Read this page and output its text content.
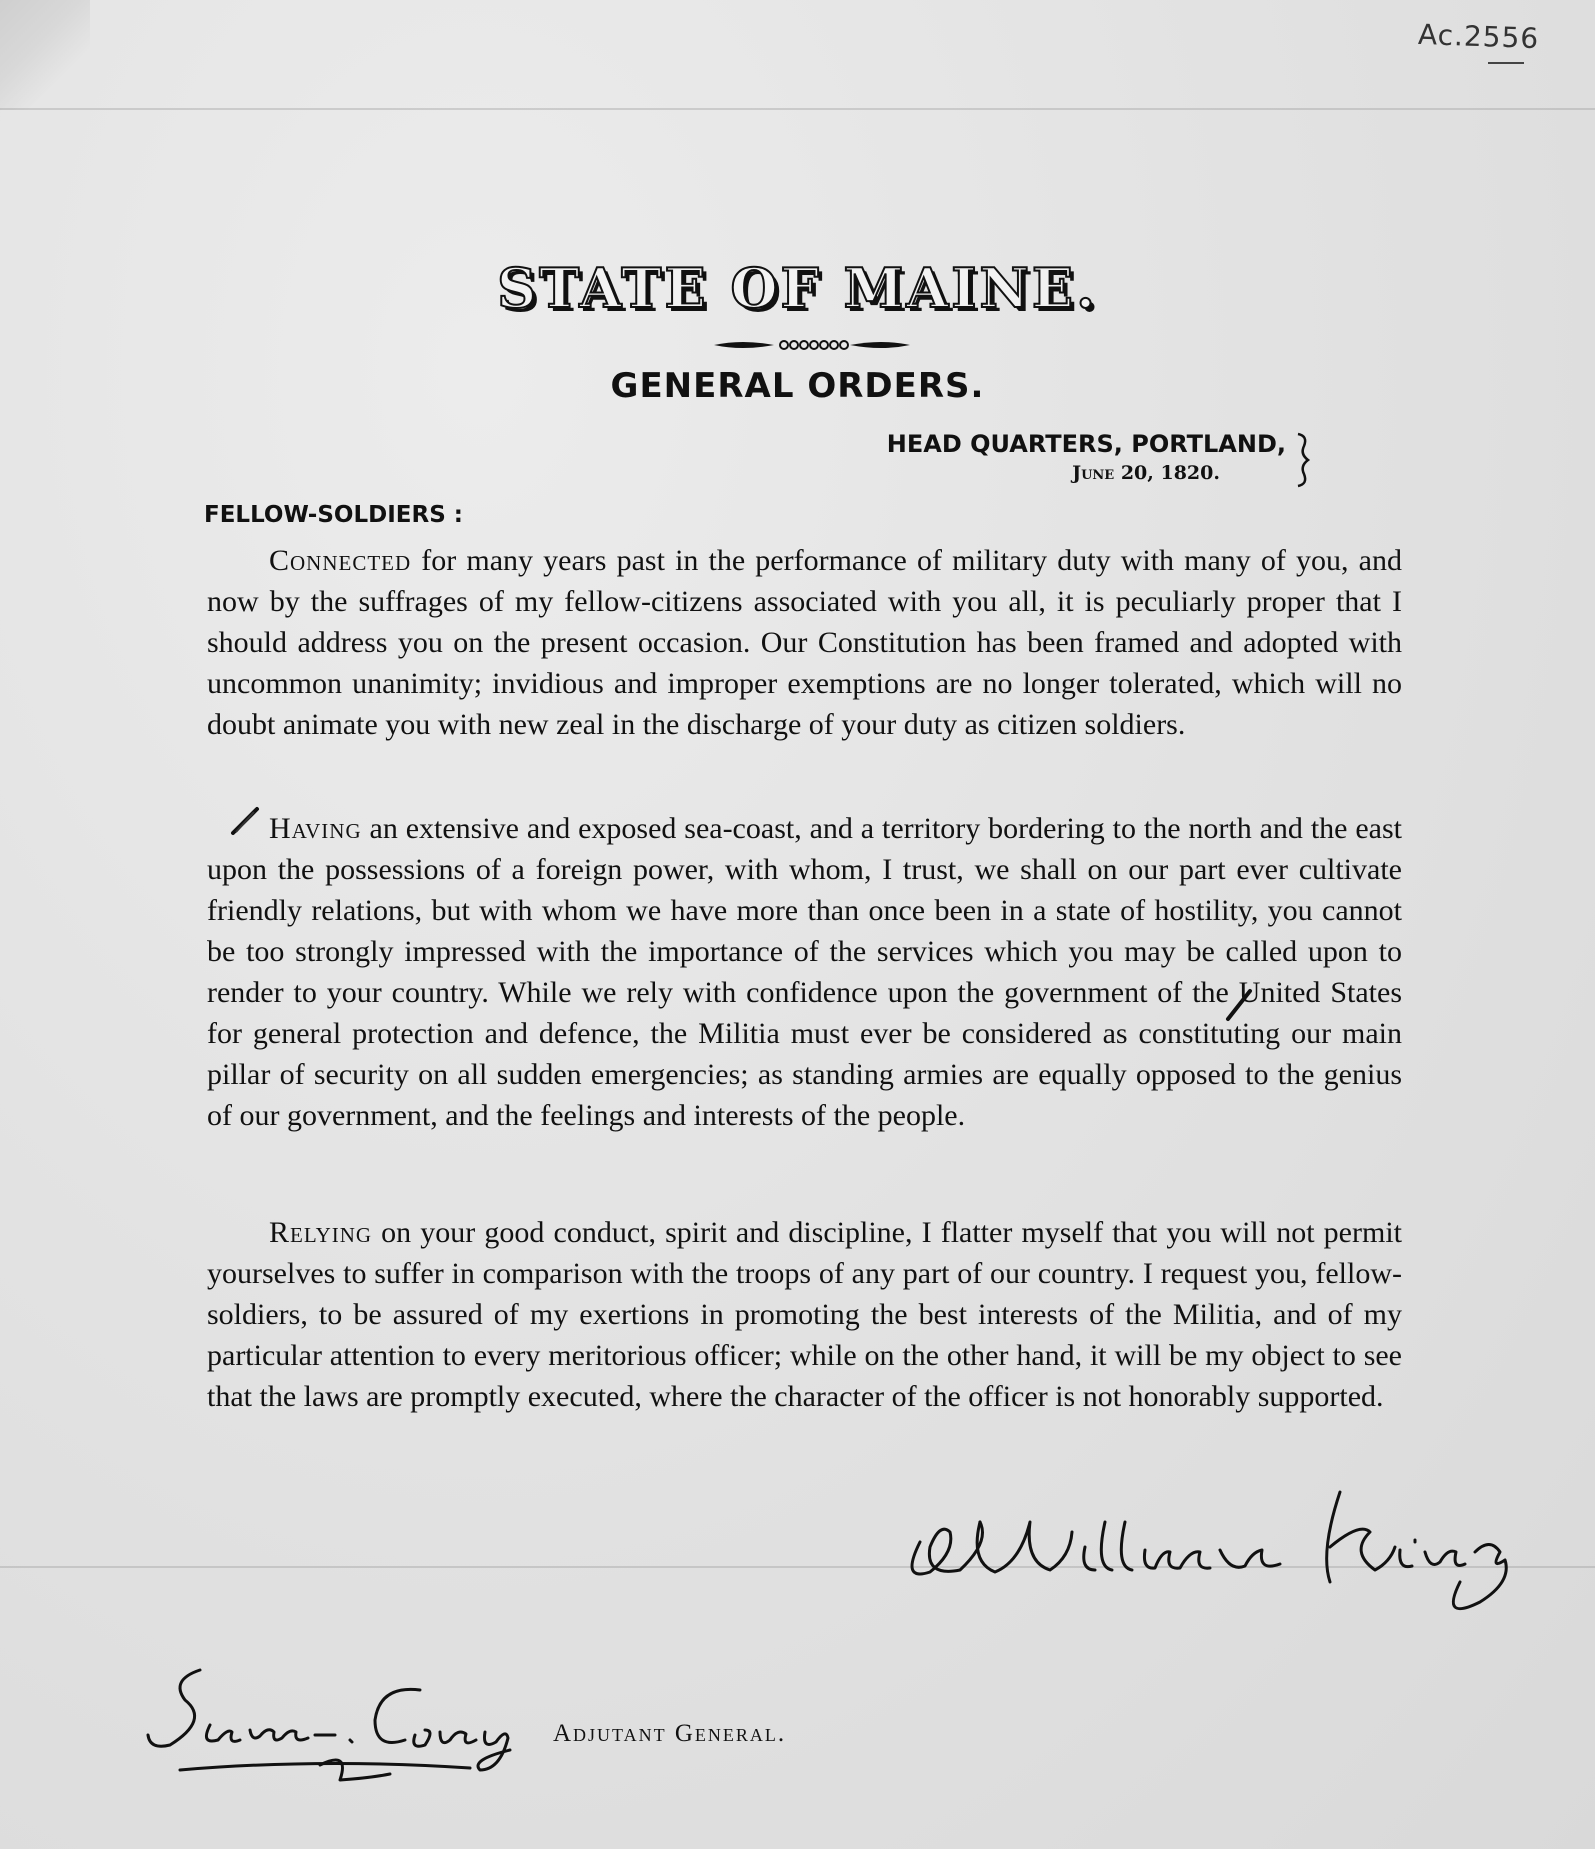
Ac.2556
STATE OF MAINE.
GENERAL ORDERS.
HEAD QUARTERS, PORTLAND,
June 20, 1820.
FELLOW-SOLDIERS :

Connected for many years past in the performance of military duty with many of you, and now by the suffrages of my fellow-citizens associated with you all, it is peculiarly proper that I should address you on the present occasion. Our Constitution has been framed and adopted with uncommon unanimity; invidious and improper exemptions are no longer tolerated, which will no doubt animate you with new zeal in the discharge of your duty as citizen soldiers.

Having an extensive and exposed sea-coast, and a territory bordering to the north and the east upon the possessions of a foreign power, with whom, I trust, we shall on our part ever cultivate friendly relations, but with whom we have more than once been in a state of hostility, you cannot be too strongly impressed with the importance of the services which you may be called upon to render to your country. While we rely with confidence upon the government of the United States for general protection and defence, the Militia must ever be considered as constituting our main pillar of security on all sudden emergencies; as standing armies are equally opposed to the genius of our government, and the feelings and interests of the people.

Relying on your good conduct, spirit and discipline, I flatter myself that you will not permit yourselves to suffer in comparison with the troops of any part of our country. I request you, fellow-soldiers, to be assured of my exertions in promoting the best interests of the Militia, and of my particular attention to every meritorious officer; while on the other hand, it will be my object to see that the laws are promptly executed, where the character of the officer is not honorably supported.

Adjutant General.
